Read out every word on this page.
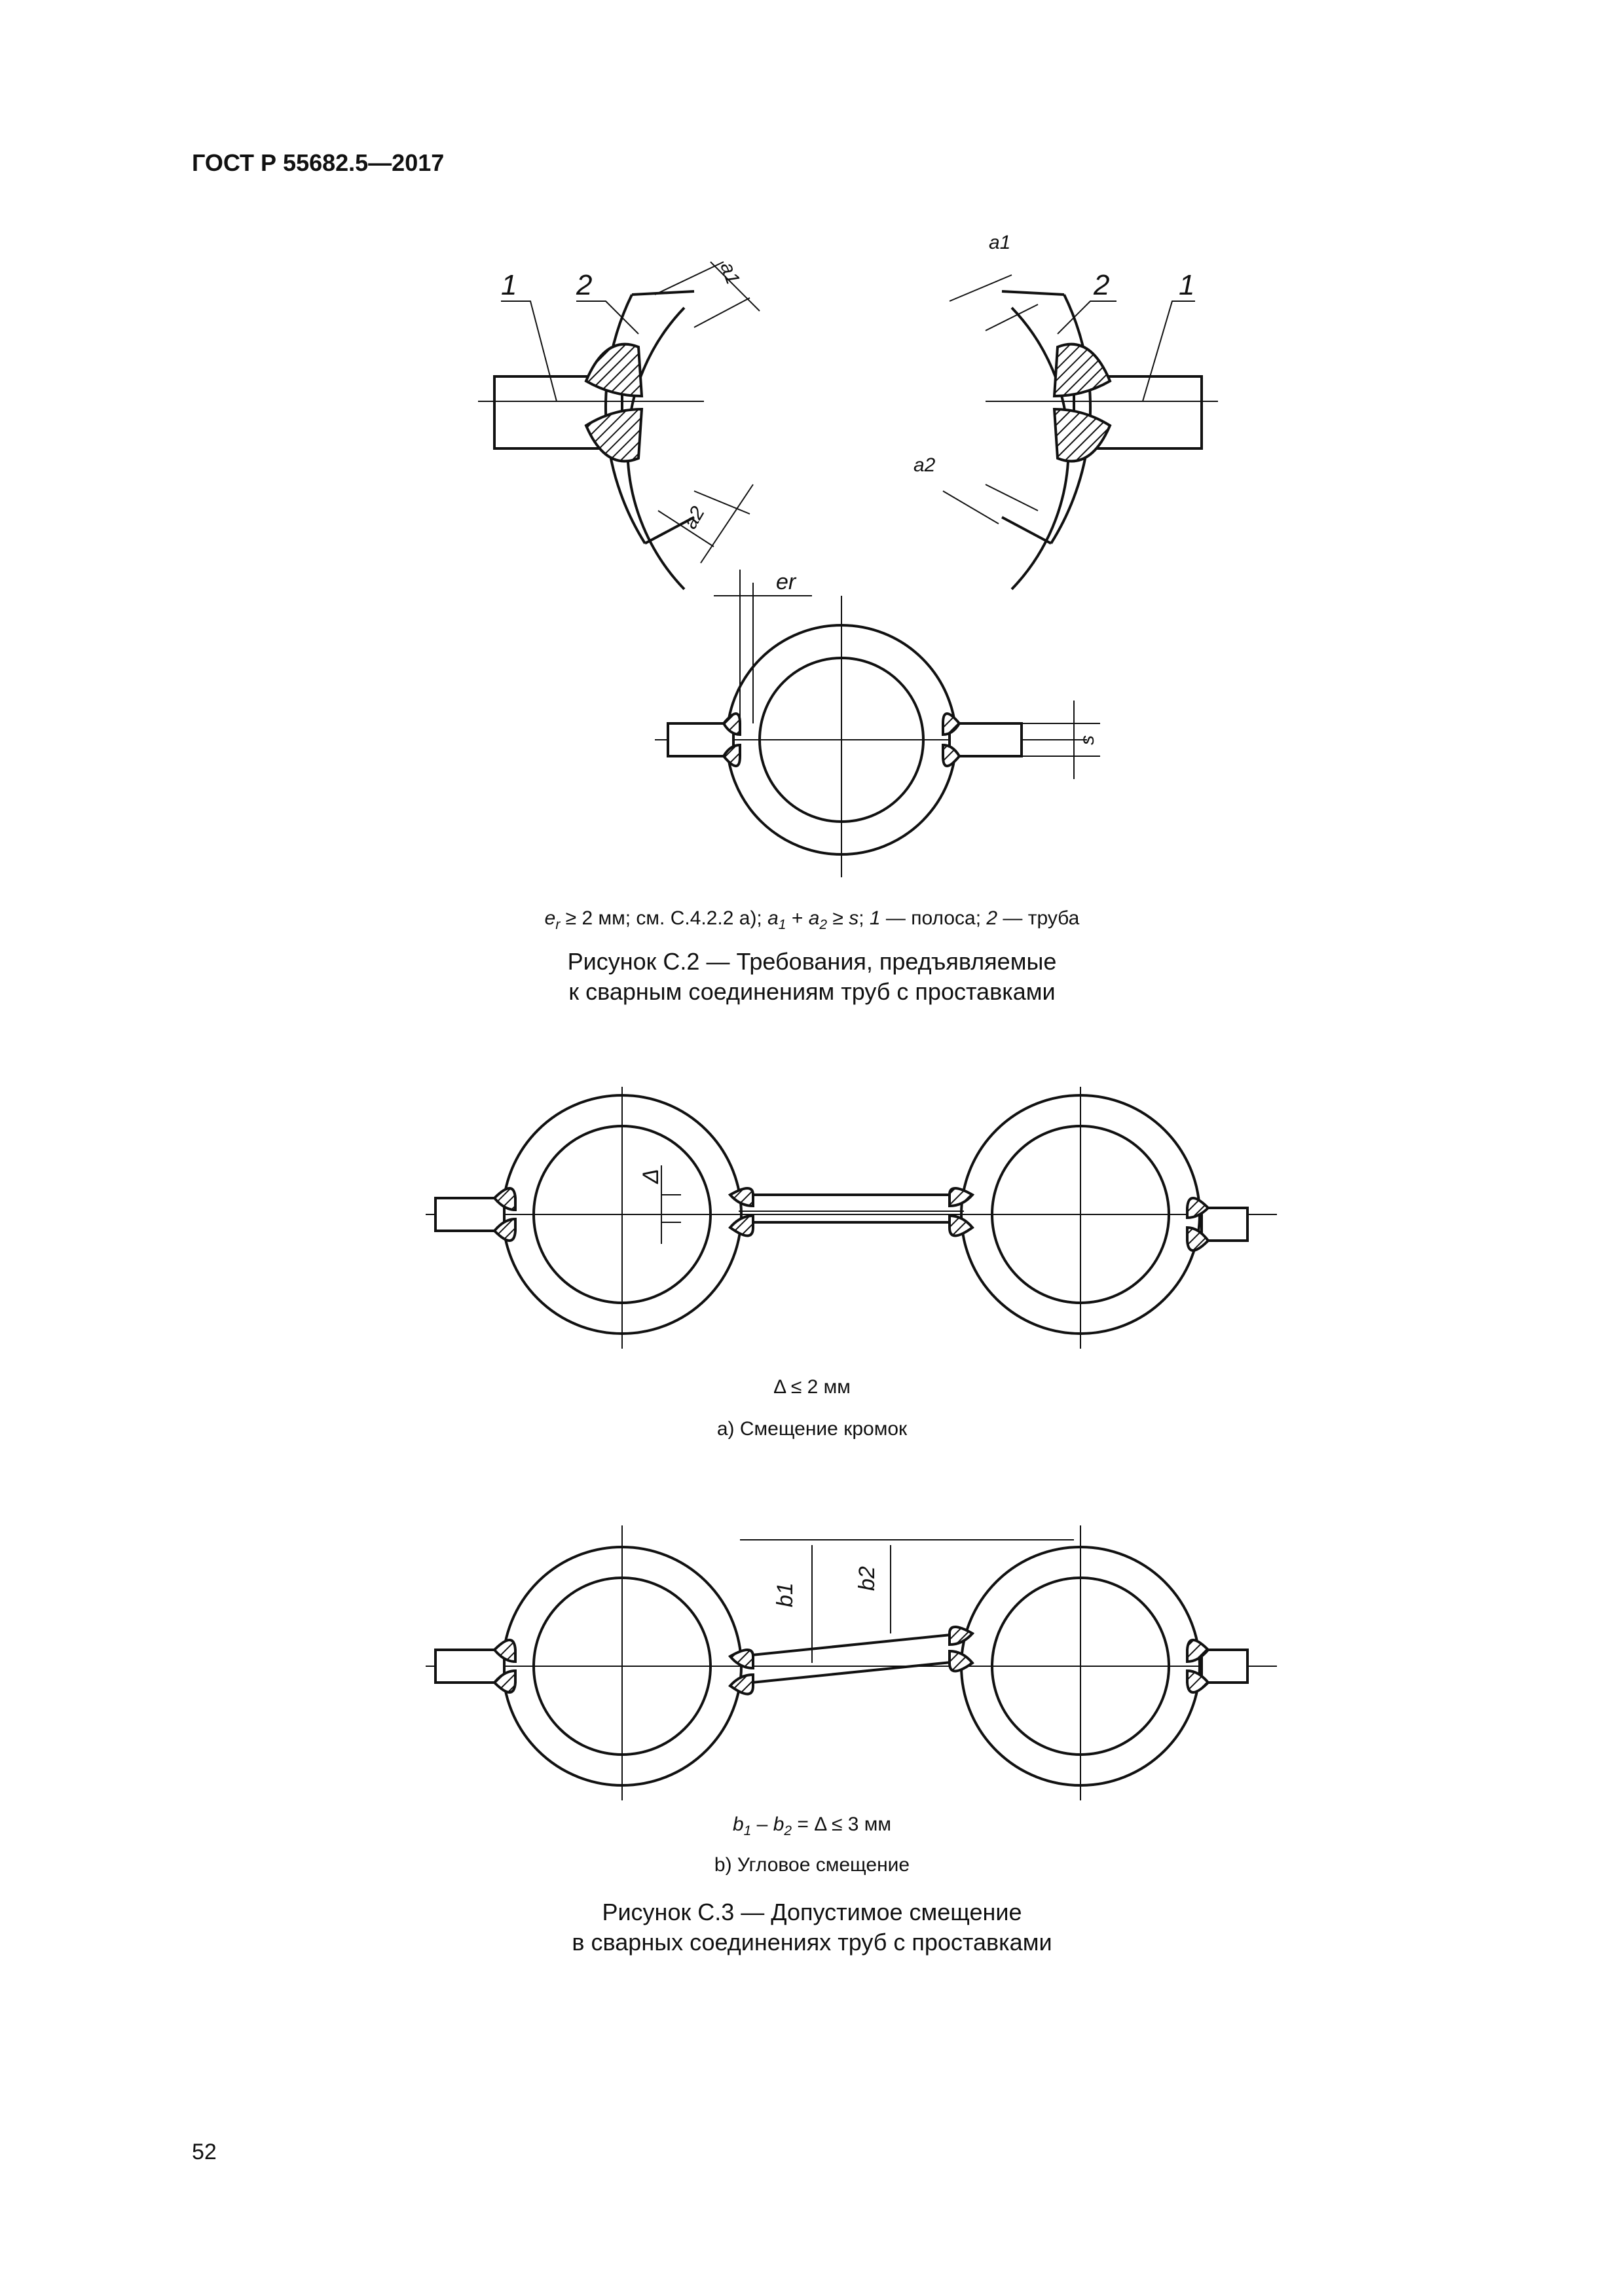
ГОСТ Р 55682.5—2017
1 2	1
2
a1
a2
a1
a2
er
s
$e_r \ge 2$ мм; см. С.4.2.2 а); $a_1 + a_2 \ge s$; 1 — полоса; 2 — труба
Рисунок С.2 — Требования, предъявляемые
к сварным соединениям труб с проставками
Δ
Δ ≤ 2 мм
а) Смещение кромок
b1
b2
$b_1 - b_2 = \Delta \le 3$ мм
b) Угловое смещение
Рисунок С.3 — Допустимое смещение
в сварных соединениях труб с проставками
52
